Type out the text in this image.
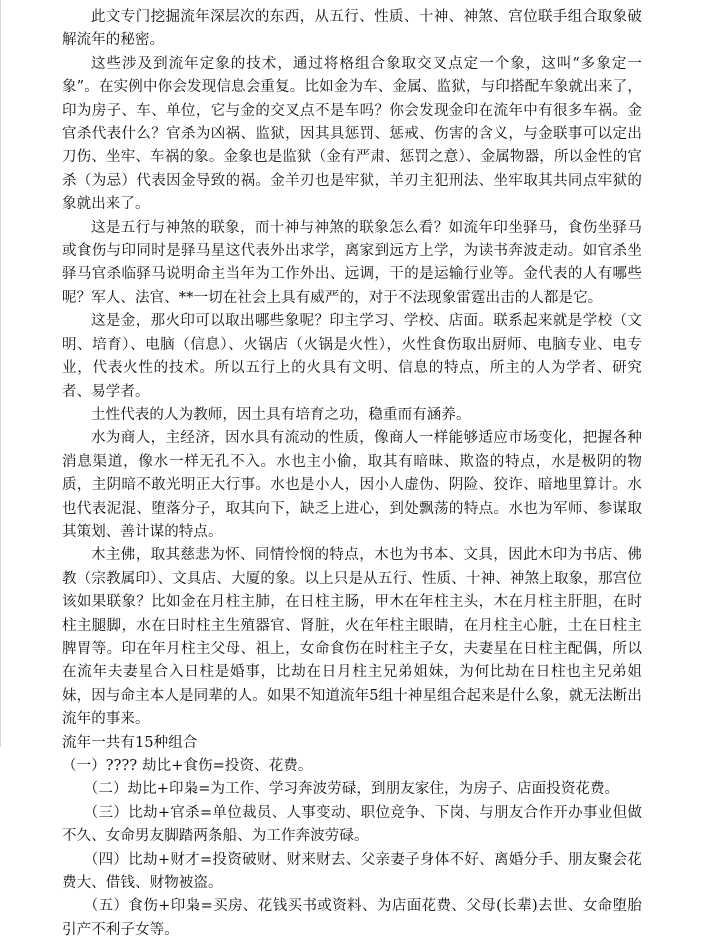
此文专门挖掘流年深层次的东西，从五行、性质、十神、神煞、宫位联手组合取象破解流年的秘密。

这些涉及到流年定象的技术，通过将格组合象取交叉点定一个象，这叫“多象定一象”。在实例中你会发现信息会重复。比如金为车、金属、监狱，与印搭配车象就出来了，印为房子、车、单位，它与金的交叉点不是车吗？你会发现金印在流年中有很多车祸。金官杀代表什么？官杀为凶祸、监狱，因其具惩罚、惩戒、伤害的含义，与金联事可以定出刀伤、坐牢、车祸的象。金象也是监狱（金有严肃、惩罚之意）、金属物器，所以金性的官杀（为忌）代表因金导致的祸。金羊刃也是牢狱，羊刃主犯刑法、坐牢取其共同点牢狱的象就出来了。

这是五行与神煞的联象，而十神与神煞的联象怎么看？如流年印坐驿马，食伤坐驿马或食伤与印同时是驿马星这代表外出求学，离家到远方上学，为读书奔波走动。如官杀坐驿马官杀临驿马说明命主当年为工作外出、远调，干的是运输行业等。金代表的人有哪些呢？军人、法官、**一切在社会上具有威严的，对于不法现象雷霆出击的人都是它。

这是金，那火印可以取出哪些象呢？印主学习、学校、店面。联系起来就是学校（文明、培育）、电脑（信息）、火锅店（火锅是火性），火性食伤取出厨师、电脑专业、电专业，代表火性的技术。所以五行上的火具有文明、信息的特点，所主的人为学者、研究者、易学者。

土性代表的人为教师，因土具有培育之功，稳重而有涵养。

水为商人，主经济，因水具有流动的性质，像商人一样能够适应市场变化，把握各种消息渠道，像水一样无孔不入。水也主小偷，取其有暗昧、欺盗的特点，水是极阴的物质，主阴暗不敢光明正大行事。水也是小人，因小人虚伪、阴险、狡诈、暗地里算计。水也代表泥混、堕落分子，取其向下，缺乏上进心，到处飘荡的特点。水也为军师、参谋取其策划、善计谋的特点。

木主佛，取其慈悲为怀、同情怜悯的特点，木也为书本、文具，因此木印为书店、佛教（宗教属印）、文具店、大厦的象。以上只是从五行、性质、十神、神煞上取象，那宫位该如果联象？比如金在月柱主肺，在日柱主肠，甲木在年柱主头，木在月柱主肝胆，在时柱主腿脚，水在日时柱主生殖器官、肾脏，火在年柱主眼睛，在月柱主心脏，土在日柱主脾胃等。印在年月柱主父母、祖上，女命食伤在时柱主子女，夫妻星在日柱主配偶，所以在流年夫妻星合入日柱是婚事，比劫在日月柱主兄弟姐妹，为何比劫在日柱也主兄弟姐妹，因与命主本人是同辈的人。如果不知道流年5组十神星组合起来是什么象，就无法断出流年的事来。

流年一共有15种组合

（一）???? 劫比+食伤=投资、花费。

（二）劫比+印枭=为工作、学习奔波劳碌，到朋友家住，为房子、店面投资花费。

（三）比劫+官杀=单位裁员、人事变动、职位竞争、下岗、与朋友合作开办事业但做不久、女命男友脚踏两条船、为工作奔波劳碌。

（四）比劫+财才=投资破财、财来财去、父亲妻子身体不好、离婚分手、朋友聚会花费大、借钱、财物被盗。

（五）食伤+印枭=买房、花钱买书或资料、为店面花费、父母(长辈)去世、女命堕胎引产不利子女等。
